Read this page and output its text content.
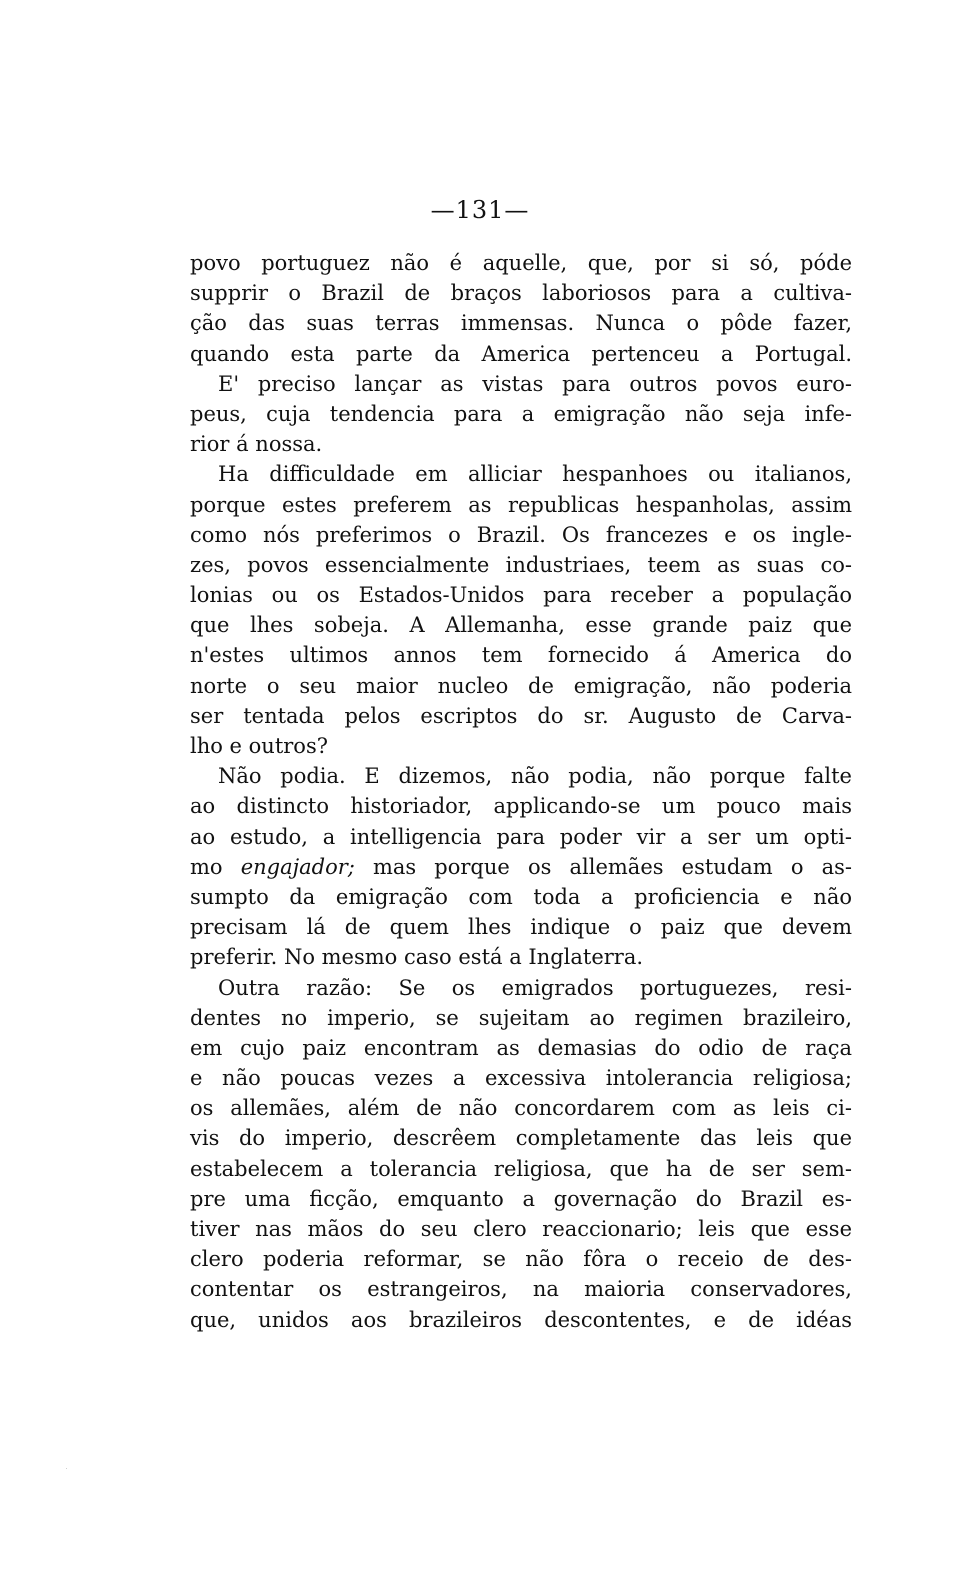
—131—
povo portuguez não é aquelle, que, por si só, póde
supprir o Brazil de braços laboriosos para a cultiva-
ção das suas terras immensas. Nunca o pôde fazer,
quando esta parte da America pertenceu a Portugal.
E' preciso lançar as vistas para outros povos euro-
peus, cuja tendencia para a emigração não seja infe-
rior á nossa.
Ha difficuldade em alliciar hespanhoes ou italianos,
porque estes preferem as republicas hespanholas, assim
como nós preferimos o Brazil. Os francezes e os ingle-
zes, povos essencialmente industriaes, teem as suas co-
lonias ou os Estados-Unidos para receber a população
que lhes sobeja. A Allemanha, esse grande paiz que
n'estes ultimos annos tem fornecido á America do
norte o seu maior nucleo de emigração, não poderia
ser tentada pelos escriptos do sr. Augusto de Carva-
lho e outros?
Não podia. E dizemos, não podia, não porque falte
ao distincto historiador, applicando-se um pouco mais
ao estudo, a intelligencia para poder vir a ser um opti-
mo engajador; mas porque os allemães estudam o as-
sumpto da emigração com toda a proficiencia e não
precisam lá de quem lhes indique o paiz que devem
preferir. No mesmo caso está a Inglaterra.
Outra razão: Se os emigrados portuguezes, resi-
dentes no imperio, se sujeitam ao regimen brazileiro,
em cujo paiz encontram as demasias do odio de raça
e não poucas vezes a excessiva intolerancia religiosa;
os allemães, além de não concordarem com as leis ci-
vis do imperio, descrêem completamente das leis que
estabelecem a tolerancia religiosa, que ha de ser sem-
pre uma ficção, emquanto a governação do Brazil es-
tiver nas mãos do seu clero reaccionario; leis que esse
clero poderia reformar, se não fôra o receio de des-
contentar os estrangeiros, na maioria conservadores,
que, unidos aos brazileiros descontentes, e de idéas
